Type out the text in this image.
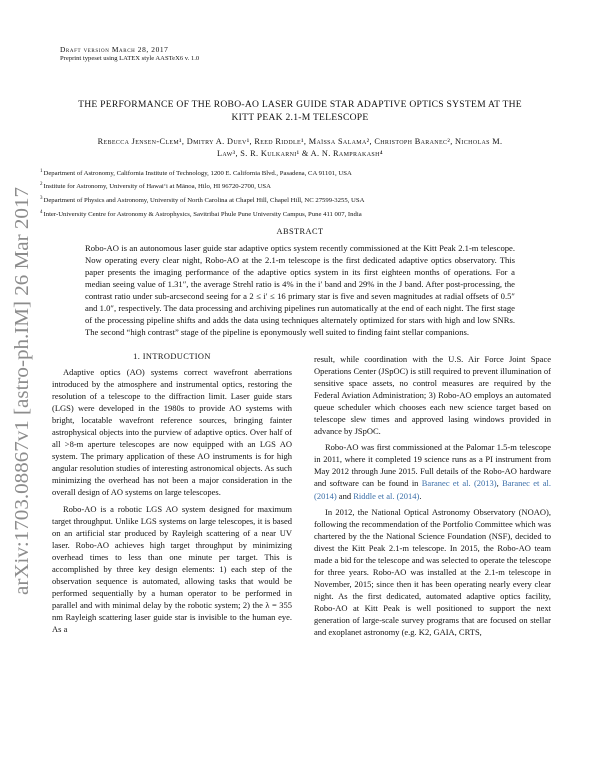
Draft version March 28, 2017
Preprint typeset using LATEX style AASTeX6 v. 1.0
arXiv:1703.08867v1 [astro-ph.IM] 26 Mar 2017
THE PERFORMANCE OF THE ROBO-AO LASER GUIDE STAR ADAPTIVE OPTICS SYSTEM AT THE
KITT PEAK 2.1-M TELESCOPE
Rebecca Jensen-Clem¹, Dmitry A. Duev¹, Reed Riddle¹, Maïssa Salama², Christoph Baranec², Nicholas M.
Law³, S. R. Kulkarni¹ & A. N. Ramprakash⁴
$^1$Department of Astronomy, California Institute of Technology, 1200 E. California Blvd., Pasadena, CA 91101, USA
$^2$Institute for Astronomy, University of Hawaiʻi at Mānoa, Hilo, HI 96720-2700, USA
$^3$Department of Physics and Astronomy, University of North Carolina at Chapel Hill, Chapel Hill, NC 27599-3255, USA
$^4$Inter-University Centre for Astronomy & Astrophysics, Savitribai Phule Pune University Campus, Pune 411 007, India
ABSTRACT
Robo-AO is an autonomous laser guide star adaptive optics system recently commissioned at the Kitt Peak 2.1-m telescope. Now operating every clear night, Robo-AO at the 2.1-m telescope is the first dedicated adaptive optics observatory. This paper presents the imaging performance of the adaptive optics system in its first eighteen months of operations. For a median seeing value of 1.31″, the average Strehl ratio is 4% in the i′ band and 29% in the J band. After post-processing, the contrast ratio under sub-arcsecond seeing for a 2 ≤ i′ ≤ 16 primary star is five and seven magnitudes at radial offsets of 0.5″ and 1.0″, respectively. The data processing and archiving pipelines run automatically at the end of each night. The first stage of the processing pipeline shifts and adds the data using techniques alternately optimized for stars with high and low SNRs. The second “high contrast” stage of the pipeline is eponymously well suited to finding faint stellar companions.
1. INTRODUCTION

Adaptive optics (AO) systems correct wavefront aberrations introduced by the atmosphere and instrumental optics, restoring the resolution of a telescope to the diffraction limit. Laser guide stars (LGS) were developed in the 1980s to provide AO systems with bright, locatable wavefront reference sources, bringing fainter astrophysical objects into the purview of adaptive optics. Over half of all >8-m aperture telescopes are now equipped with an LGS AO system. The primary application of these AO instruments is for high angular resolution studies of interesting astronomical objects. As such minimizing the overhead has not been a major consideration in the overall design of AO systems on large telescopes.

Robo-AO is a robotic LGS AO system designed for maximum target throughput. Unlike LGS systems on large telescopes, it is based on an artificial star produced by Rayleigh scattering of a near UV laser. Robo-AO achieves high target throughput by minimizing overhead times to less than one minute per target. This is accomplished by three key design elements: 1) each step of the observation sequence is automated, allowing tasks that would be performed sequentially by a human operator to be performed in parallel and with minimal delay by the robotic system; 2) the λ = 355 nm Rayleigh scattering laser guide star is invisible to the human eye. As a

result, while coordination with the U.S. Air Force Joint Space Operations Center (JSpOC) is still required to prevent illumination of sensitive space assets, no control measures are required by the Federal Aviation Administration; 3) Robo-AO employs an automated queue scheduler which chooses each new science target based on telescope slew times and approved lasing windows provided in advance by JSpOC.

Robo-AO was first commissioned at the Palomar 1.5-m telescope in 2011, where it completed 19 science runs as a PI instrument from May 2012 through June 2015. Full details of the Robo-AO hardware and software can be found in Baranec et al. (2013), Baranec et al. (2014) and Riddle et al. (2014).

In 2012, the National Optical Astronomy Observatory (NOAO), following the recommendation of the Portfolio Committee which was chartered by the the National Science Foundation (NSF), decided to divest the Kitt Peak 2.1-m telescope. In 2015, the Robo-AO team made a bid for the telescope and was selected to operate the telescope for three years. Robo-AO was installed at the 2.1-m telescope in November, 2015; since then it has been operating nearly every clear night. As the first dedicated, automated adaptive optics facility, Robo-AO at Kitt Peak is well positioned to support the next generation of large-scale survey programs that are focused on stellar and exoplanet astronomy (e.g. K2, GAIA, CRTS,
